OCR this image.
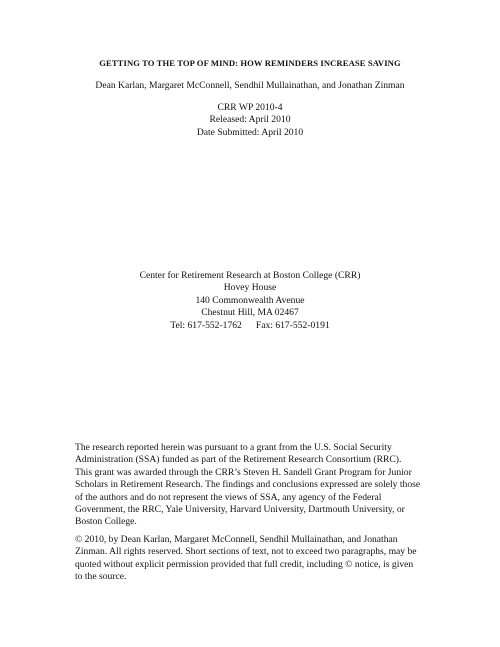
GETTING TO THE TOP OF MIND: HOW REMINDERS INCREASE SAVING
Dean Karlan, Margaret McConnell, Sendhil Mullainathan, and Jonathan Zinman
CRR WP 2010-4
Released: April 2010
Date Submitted: April 2010
Center for Retirement Research at Boston College (CRR)
Hovey House
140 Commonwealth Avenue
Chestnut Hill, MA 02467
Tel: 617-552-1762 Fax: 617-552-0191
The research reported herein was pursuant to a grant from the U.S. Social Security
Administration (SSA) funded as part of the Retirement Research Consortium (RRC).
This grant was awarded through the CRR’s Steven H. Sandell Grant Program for Junior
Scholars in Retirement Research. The findings and conclusions expressed are solely those
of the authors and do not represent the views of SSA, any agency of the Federal
Government, the RRC, Yale University, Harvard University, Dartmouth University, or
Boston College.
© 2010, by Dean Karlan, Margaret McConnell, Sendhil Mullainathan, and Jonathan
Zinman. All rights reserved. Short sections of text, not to exceed two paragraphs, may be
quoted without explicit permission provided that full credit, including © notice, is given
to the source.
